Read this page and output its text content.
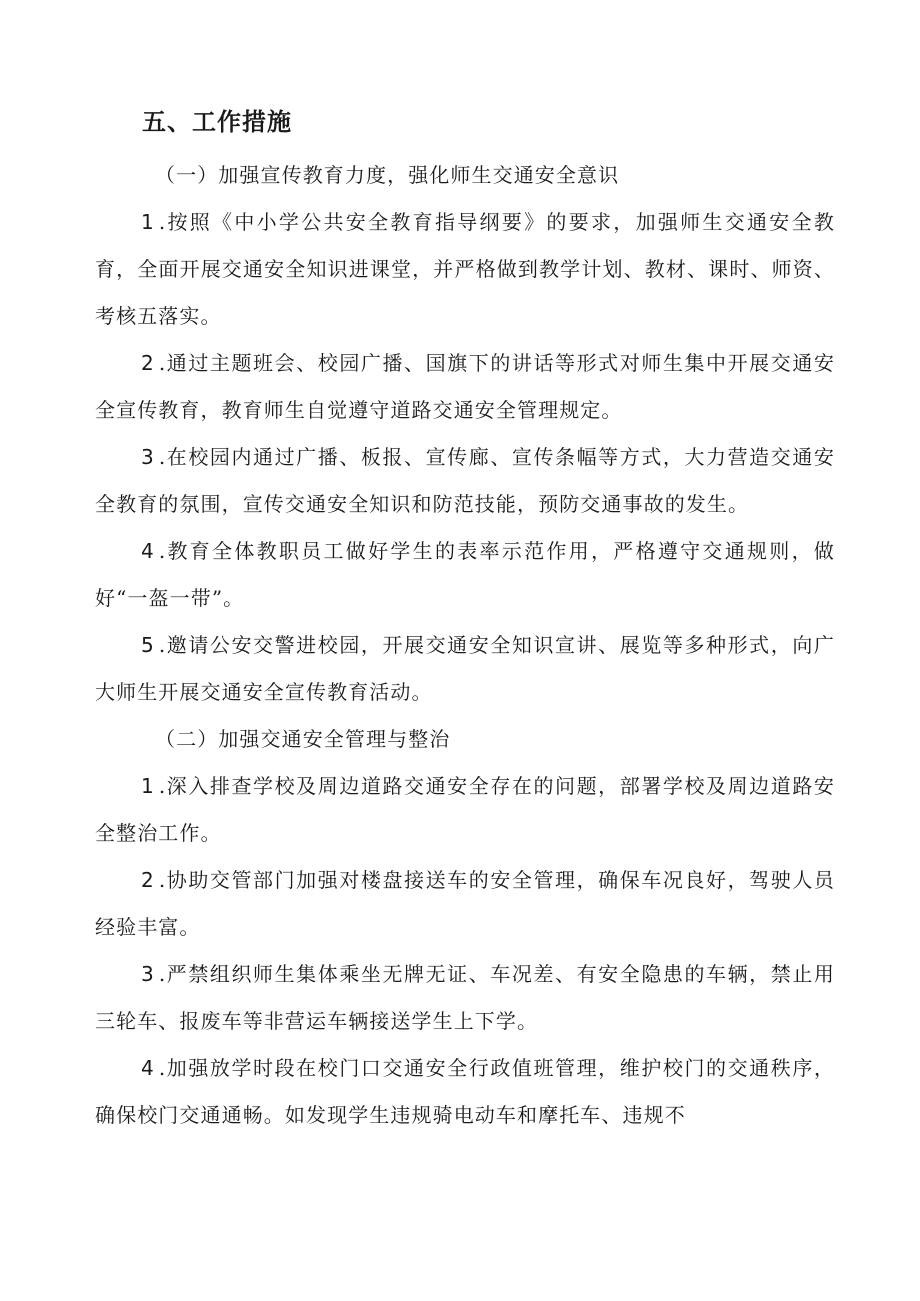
五、工作措施

（一）加强宣传教育力度，强化师生交通安全意识

1 .按照《中小学公共安全教育指导纲要》的要求，加强师生交通安全教育，全面开展交通安全知识进课堂，并严格做到教学计划、教材、课时、师资、考核五落实。

2 .通过主题班会、校园广播、国旗下的讲话等形式对师生集中开展交通安全宣传教育，教育师生自觉遵守道路交通安全管理规定。

3 .在校园内通过广播、板报、宣传廊、宣传条幅等方式，大力营造交通安全教育的氛围，宣传交通安全知识和防范技能，预防交通事故的发生。

4 .教育全体教职员工做好学生的表率示范作用，严格遵守交通规则，做好“一盔一带”。

5 .邀请公安交警进校园，开展交通安全知识宣讲、展览等多种形式，向广大师生开展交通安全宣传教育活动。

（二）加强交通安全管理与整治

1 .深入排查学校及周边道路交通安全存在的问题，部署学校及周边道路安全整治工作。

2 .协助交管部门加强对楼盘接送车的安全管理，确保车况良好，驾驶人员经验丰富。

3 .严禁组织师生集体乘坐无牌无证、车况差、有安全隐患的车辆，禁止用三轮车、报废车等非营运车辆接送学生上下学。

4 .加强放学时段在校门口交通安全行政值班管理，维护校门的交通秩序，确保校门交通通畅。如发现学生违规骑电动车和摩托车、违规不
